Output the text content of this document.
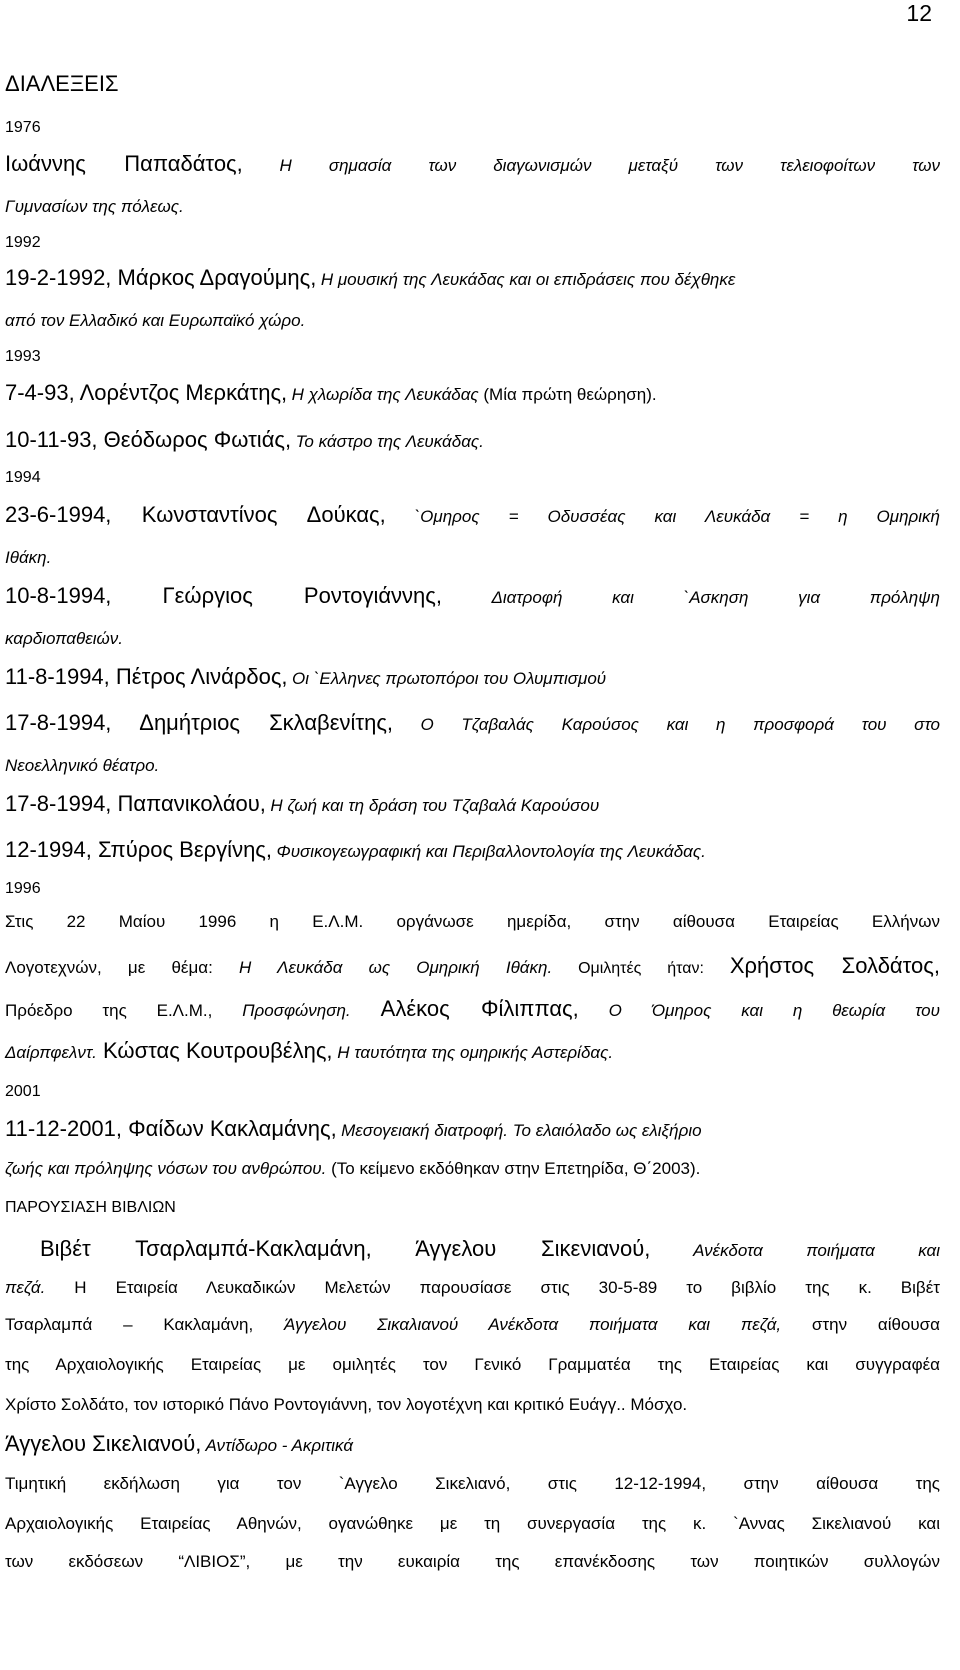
12
ΔΙΑΛΕΞΕΙΣ
1976
Ιωάννης Παπαδάτος, Η σημασία των διαγωνισμών μεταξύ των τελειοφοίτων των
Γυμνασίων της πόλεως.
1992
19-2-1992, Μάρκος Δραγούμης, Η μουσική της Λευκάδας και οι επιδράσεις που δέχθηκε
από τον Ελλαδικό και Ευρωπαϊκό χώρο.
1993
7-4-93, Λορέντζος Μερκάτης, Η χλωρίδα της Λευκάδας (Μία πρώτη θεώρηση).
10-11-93, Θεόδωρος Φωτιάς, Το κάστρο της Λευκάδας.
1994
23-6-1994, Κωνσταντίνος Δούκας, `Ομηρος = Οδυσσέας και Λευκάδα = η Ομηρική
Ιθάκη.
10-8-1994, Γεώργιος Ροντογιάννης,	Διατροφή και `Ασκηση για πρόληψη
καρδιοπαθειών.
11-8-1994, Πέτρος Λινάρδος, Οι `Ελληνες πρωτοπόροι του Ολυμπισμού
17-8-1994, Δημήτριος Σκλαβενίτης, Ο Τζαβαλάς Καρούσος και η προσφορά του στο
Νεοελληνικό θέατρο.
17-8-1994, Παπανικολάου, Η ζωή και τη δράση του Τζαβαλά Καρούσου
12-1994, Σπύρος Βεργίνης, Φυσικογεωγραφική και Περιβαλλοντολογία της Λευκάδας.
1996
Στις 22 Μαίου 1996 η Ε.Λ.Μ. οργάνωσε ημερίδα, στην αίθουσα Εταιρείας Ελλήνων
Λογοτεχνών, με θέμα: Η Λευκάδα ως Ομηρική Ιθάκη. Ομιλητές ήταν: Χρήστος Σολδάτος,
Πρόεδρο της Ε.Λ.Μ., Προσφώνηση. Αλέκος Φίλιππας, Ο Όμηρος και η θεωρία του
Δαίρπφελντ. Κώστας Κουτρουβέλης, Η ταυτότητα της ομηρικής Αστερίδας.
2001
11-12-2001, Φαίδων Κακλαμάνης, Μεσογειακή διατροφή. Το ελαιόλαδο ως ελιξήριο
ζωής και πρόληψης νόσων του ανθρώπου. (Το κείμενο εκδόθηκαν στην Επετηρίδα, Θ΄2003).
ΠΑΡΟΥΣΙΑΣΗ ΒΙΒΛΙΩΝ
Βιβέτ Τσαρλαμπά-Κακλαμάνη, Άγγελου Σικενιανού, Ανέκδοτα ποιήματα και
πεζά. Η Εταιρεία Λευκαδικών Μελετών παρουσίασε στις 30-5-89 το βιβλίο της κ. Βιβέτ
Τσαρλαμπά – Κακλαμάνη, Άγγελου Σικαλιανού Ανέκδοτα ποιήματα και πεζά, στην αίθουσα
της Αρχαιολογικής Εταιρείας με ομιλητές τον Γενικό Γραμματέα της Εταιρείας και συγγραφέα
Χρίστο Σολδάτο, τον ιστορικό Πάνο Ροντογιάννη, τον λογοτέχνη και κριτικό Ευάγγ.. Μόσχο.
Άγγελου Σικελιανού, Αντίδωρο - Ακριτικά
Τιμητική εκδήλωση για τον `Αγγελο Σικελιανό, στις 12-12-1994, στην αίθουσα της
Αρχαιολογικής Εταιρείας Αθηνών, ογανώθηκε με τη συνεργασία της κ. `Αννας Σικελιανού και
των εκδόσεων “ΛΙΒΙΟΣ”, με την ευκαιρία της επανέκδοσης των ποιητικών συλλογών
